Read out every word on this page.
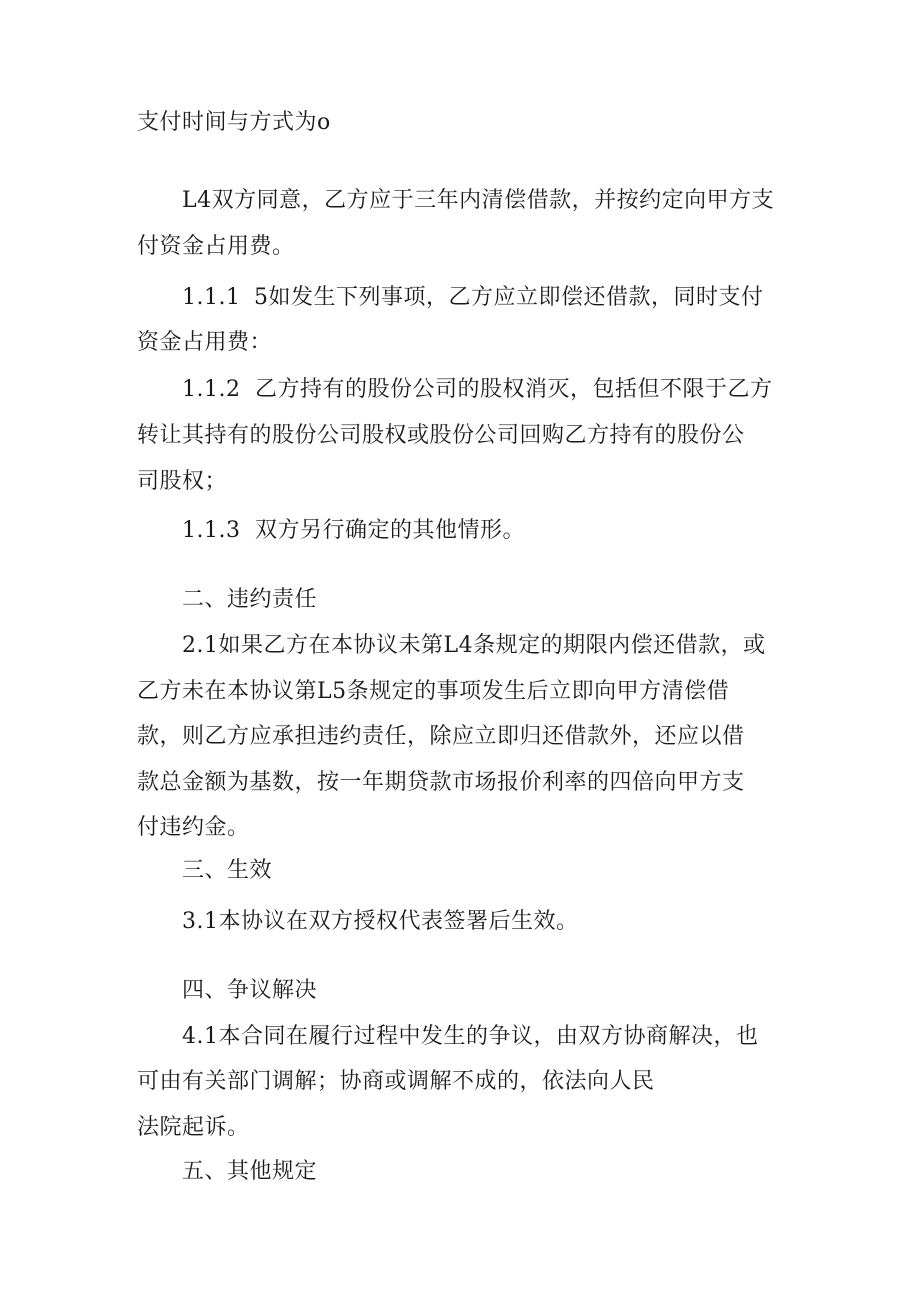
支付时间与方式为o
L4双方同意，乙方应于三年内清偿借款，并按约定向甲方支
付资金占用费。
1.1.1 5如发生下列事项，乙方应立即偿还借款，同时支付
资金占用费：
1.1.2 乙方持有的股份公司的股权消灭，包括但不限于乙方
转让其持有的股份公司股权或股份公司回购乙方持有的股份公
司股权；
1.1.3 双方另行确定的其他情形。
二、违约责任
2.1如果乙方在本协议未第L4条规定的期限内偿还借款，或
乙方未在本协议第L5条规定的事项发生后立即向甲方清偿借
款，则乙方应承担违约责任，除应立即归还借款外，还应以借
款总金额为基数，按一年期贷款市场报价利率的四倍向甲方支
付违约金。
三、生效
3.1本协议在双方授权代表签署后生效。
四、争议解决
4.1本合同在履行过程中发生的争议，由双方协商解决，也
可由有关部门调解；协商或调解不成的，依法向人民
法院起诉。
五、其他规定
